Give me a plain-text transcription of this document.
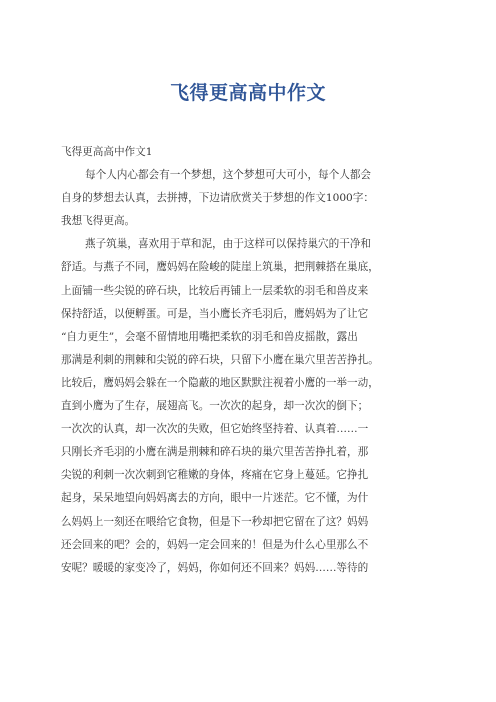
飞得更高高中作文
飞得更高高中作文1
每个人内心都会有一个梦想，这个梦想可大可小，每个人都会
自身的梦想去认真，去拼搏，下边请欣赏关于梦想的作文1000字：
我想飞得更高。
燕子筑巢，喜欢用于草和泥，由于这样可以保持巢穴的干净和
舒适。与燕子不同，鹰妈妈在险峻的陡崖上筑巢，把荆棘搭在巢底，
上面铺一些尖锐的碎石块，比较后再铺上一层柔软的羽毛和兽皮来
保持舒适，以便孵蛋。可是，当小鹰长齐毛羽后，鹰妈妈为了让它
“自力更生”，会毫不留情地用嘴把柔软的羽毛和兽皮摇散，露出
那满是利刺的荆棘和尖锐的碎石块，只留下小鹰在巢穴里苦苦挣扎。
比较后，鹰妈妈会躲在一个隐蔽的地区默默注视着小鹰的一举一动，
直到小鹰为了生存，展翅高飞。一次次的起身，却一次次的倒下；
一次次的认真，却一次次的失败，但它始终坚持着、认真着……一
只刚长齐毛羽的小鹰在满是荆棘和碎石块的巢穴里苦苦挣扎着，那
尖锐的利刺一次次刺到它稚嫩的身体，疼痛在它身上蔓延。它挣扎
起身，呆呆地望向妈妈离去的方向，眼中一片迷茫。它不懂，为什
么妈妈上一刻还在喂给它食物，但是下一秒却把它留在了这？妈妈
还会回来的吧？会的，妈妈一定会回来的！但是为什么心里那么不
安呢？暖暖的家变冷了，妈妈，你如何还不回来？妈妈……等待的
